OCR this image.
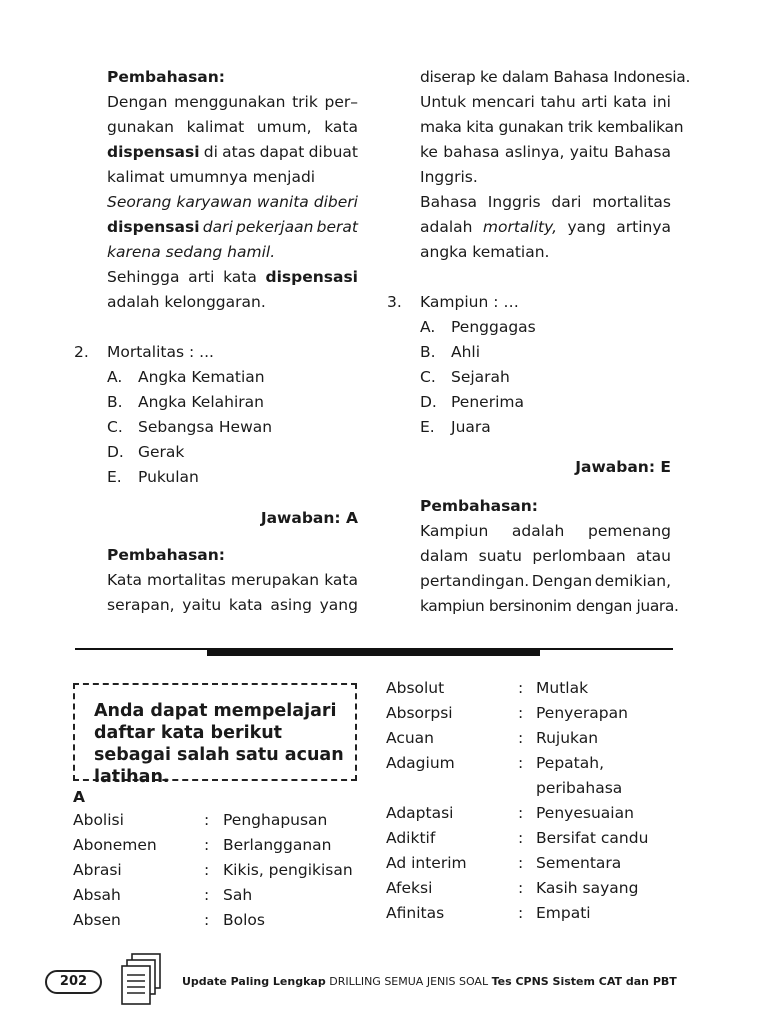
Pembahasan:
Dengan menggunakan trik per–
gunakan kalimat umum, kata
dispensasi di atas dapat dibuat
kalimat umumnya menjadi
Seorang karyawan wanita diberi
dispensasi dari pekerjaan berat
karena sedang hamil.
Sehingga arti kata dispensasi
adalah kelonggaran.
2. Mortalitas : ...
A. Angka Kematian
B. Angka Kelahiran
C. Sebangsa Hewan
D. Gerak
E. Pukulan
Jawaban: A
Pembahasan:
Kata mortalitas merupakan kata
serapan, yaitu kata asing yang
diserap ke dalam Bahasa Indonesia.
Untuk mencari tahu arti kata ini
maka kita gunakan trik kembalikan
ke bahasa aslinya, yaitu Bahasa
Inggris.
Bahasa Inggris dari mortalitas
adalah mortality, yang artinya
angka kematian.
3. Kampiun : …
A. Penggagas
B. Ahli
C. Sejarah
D. Penerima
E. Juara
Jawaban: E
Pembahasan:
Kampiun adalah pemenang
dalam suatu perlombaan atau
pertandingan. Dengan demikian,
kampiun bersinonim dengan juara.
Anda dapat mempelajari daftar kata berikut sebagai salah satu acuan latihan.
A
Abolisi	: Penghapusan
Abonemen	: Berlangganan
Abrasi	: Kikis, pengikisan
Absah	: Sah
Absen	: Bolos
Absolut	: Mutlak
Absorpsi	: Penyerapan
Acuan	: Rujukan
Adagium	: Pepatah,
peribahasa
Adaptasi	: Penyesuaian
Adiktif	: Bersifat candu
Ad interim	: Sementara
Afeksi	: Kasih sayang
Afinitas	: Empati
202	Update Paling Lengkap DRILLING SEMUA JENIS SOAL Tes CPNS Sistem CAT dan PBT
